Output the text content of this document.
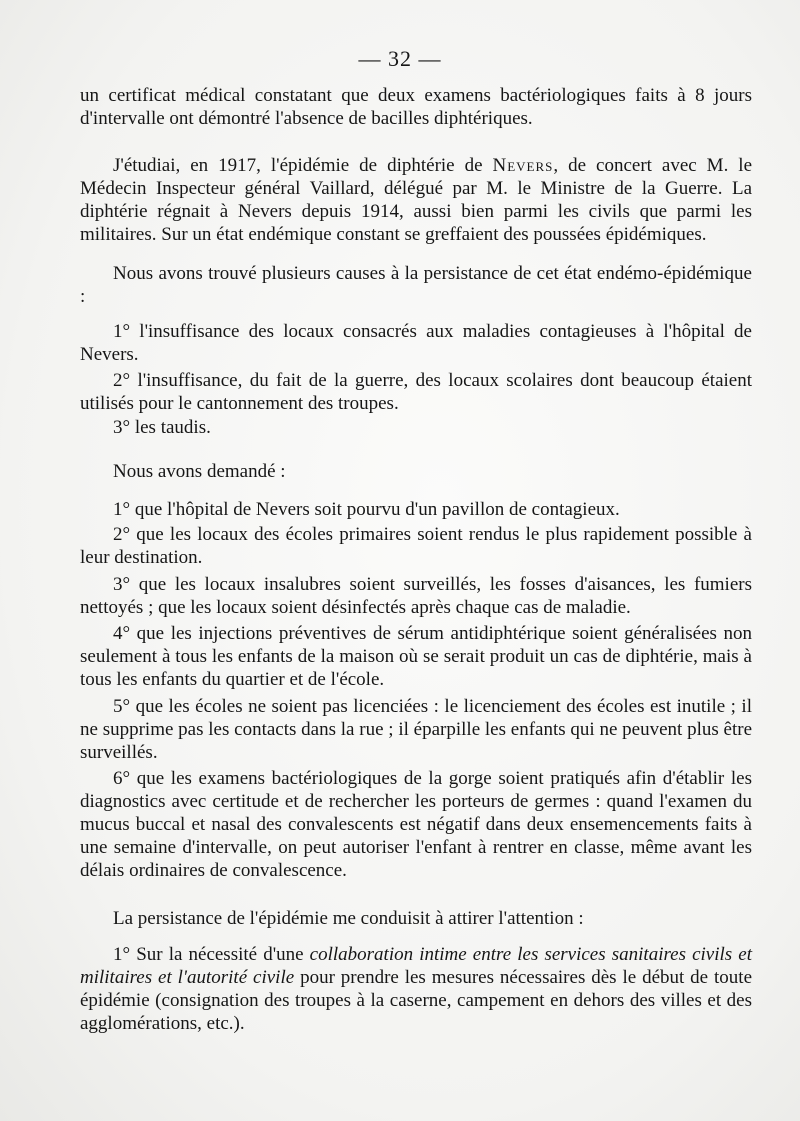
— 32 —

un certificat médical constatant que deux examens bactériologiques faits à 8 jours d'intervalle ont démontré l'absence de bacilles diphtériques.

J'étudiai, en 1917, l'épidémie de diphtérie de Nevers, de concert avec M. le Médecin Inspecteur général Vaillard, délégué par M. le Ministre de la Guerre. La diphtérie régnait à Nevers depuis 1914, aussi bien parmi les civils que parmi les militaires. Sur un état endémique constant se greffaient des poussées épidémiques.

Nous avons trouvé plusieurs causes à la persistance de cet état endémo-épidémique :

1° l'insuffisance des locaux consacrés aux maladies contagieuses à l'hôpital de Nevers.

2° l'insuffisance, du fait de la guerre, des locaux scolaires dont beaucoup étaient utilisés pour le cantonnement des troupes.

3° les taudis.

Nous avons demandé :

1° que l'hôpital de Nevers soit pourvu d'un pavillon de contagieux.

2° que les locaux des écoles primaires soient rendus le plus rapidement possible à leur destination.

3° que les locaux insalubres soient surveillés, les fosses d'aisances, les fumiers nettoyés ; que les locaux soient désinfectés après chaque cas de maladie.

4° que les injections préventives de sérum antidiphtérique soient généralisées non seulement à tous les enfants de la maison où se serait produit un cas de diphtérie, mais à tous les enfants du quartier et de l'école.

5° que les écoles ne soient pas licenciées : le licenciement des écoles est inutile ; il ne supprime pas les contacts dans la rue ; il éparpille les enfants qui ne peuvent plus être surveillés.

6° que les examens bactériologiques de la gorge soient pratiqués afin d'établir les diagnostics avec certitude et de rechercher les porteurs de germes : quand l'examen du mucus buccal et nasal des convalescents est négatif dans deux ensemencements faits à une semaine d'intervalle, on peut autoriser l'enfant à rentrer en classe, même avant les délais ordinaires de convalescence.

La persistance de l'épidémie me conduisit à attirer l'attention :

1° Sur la nécessité d'une collaboration intime entre les services sanitaires civils et militaires et l'autorité civile pour prendre les mesures nécessaires dès le début de toute épidémie (consignation des troupes à la caserne, campement en dehors des villes et des agglomérations, etc.).
